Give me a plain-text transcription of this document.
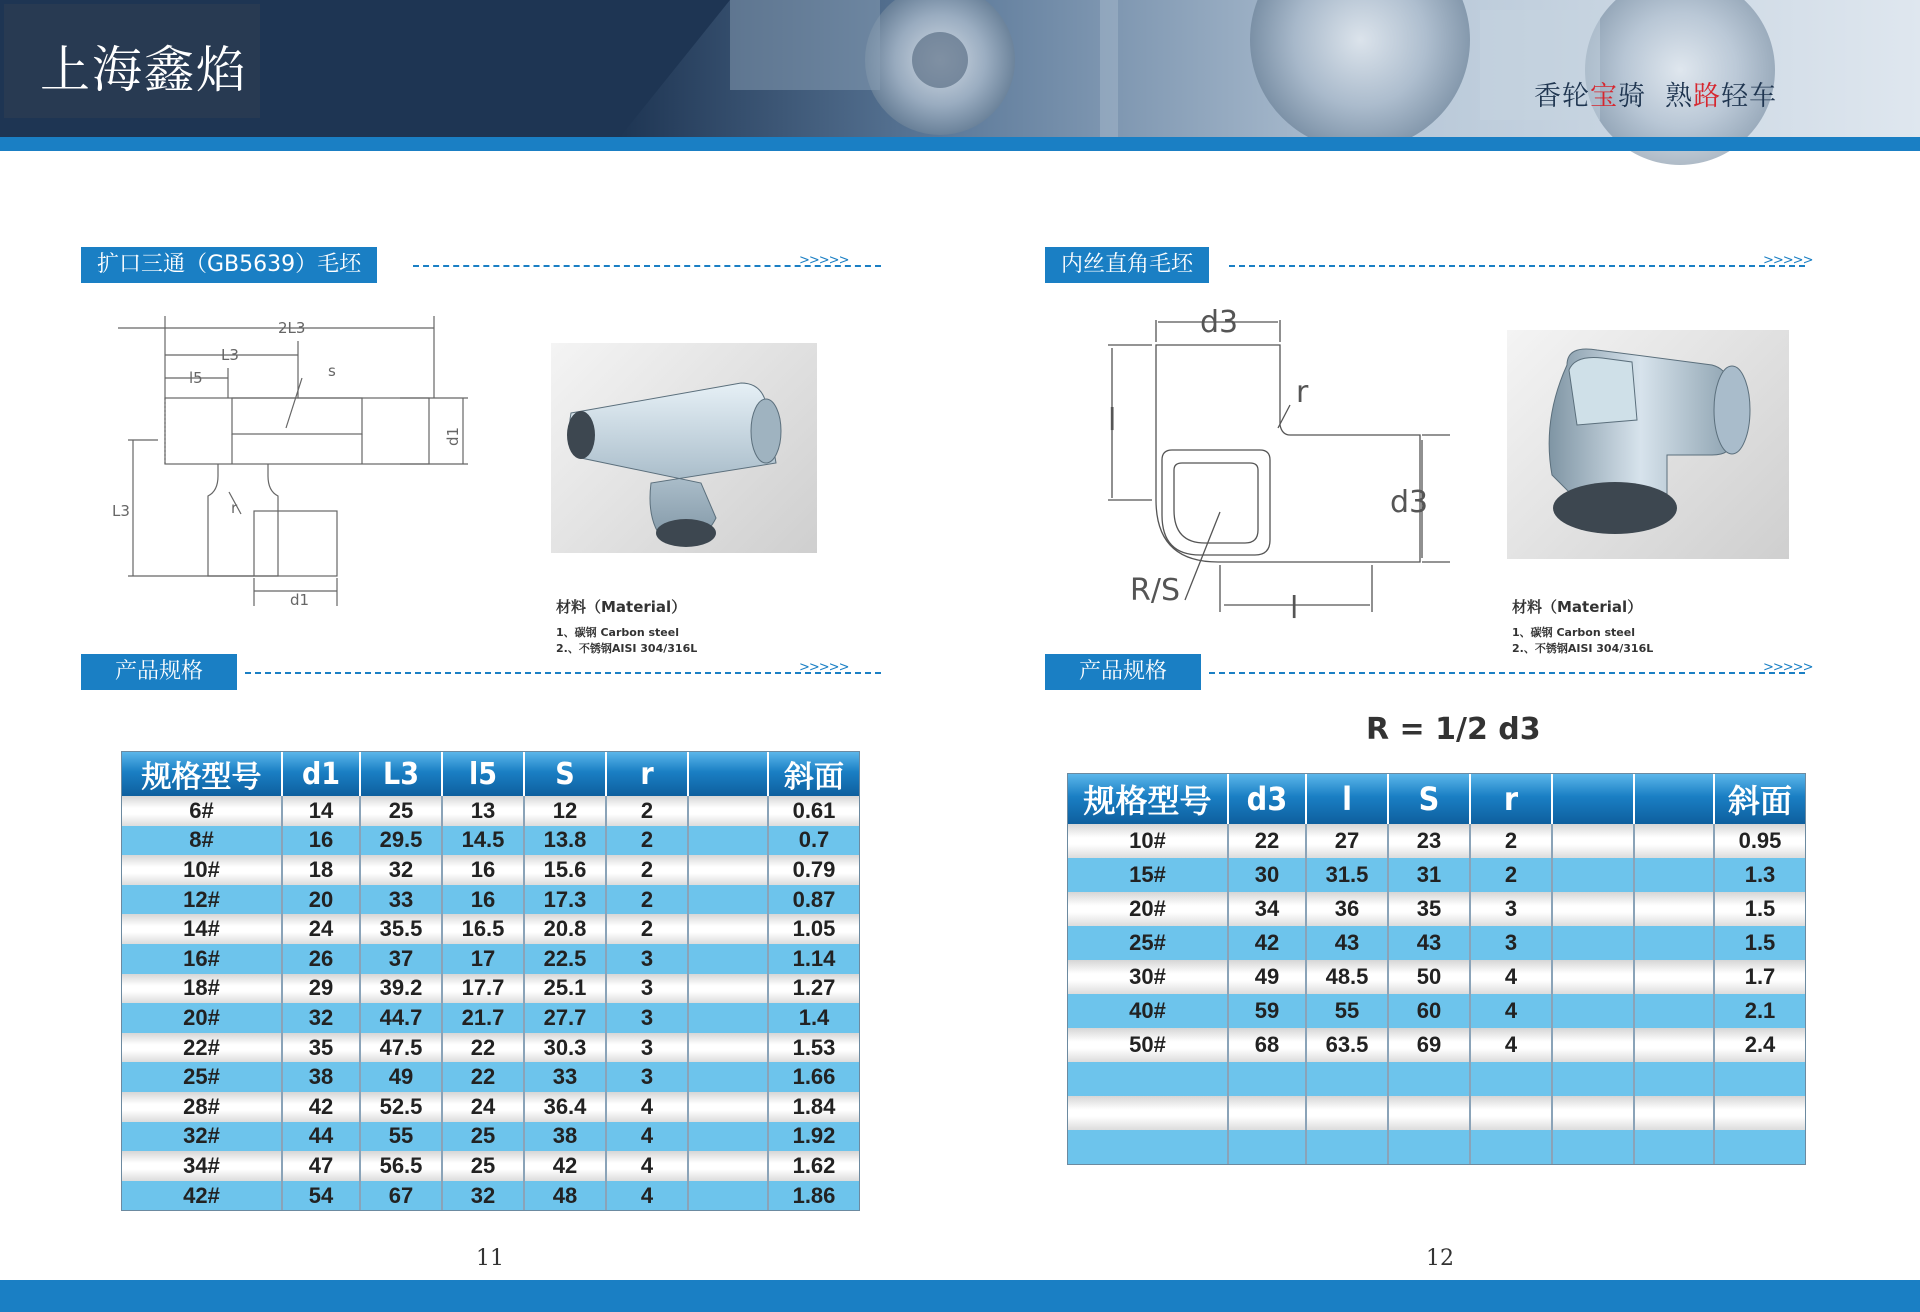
上海鑫焰	香轮宝骑  熟路轻车
扩口三通（GB5639）毛坯	>>>>>
2L3
L3
l5	s
d1
L3	r
d1	材料（Material）
1、碳钢 Carbon steel
2.、不锈钢AISI 304/316L
产品规格	>>>>>
规格型号	d1	L3	l5	S	r		斜面
6#	14	25	13	12	2		0.61
8#	16	29.5	14.5	13.8	2		0.7
10#	18	32	16	15.6	2		0.79
12#	20	33	16	17.3	2		0.87
14#	24	35.5	16.5	20.8	2		1.05
16#	26	37	17	22.5	3		1.14
18#	29	39.2	17.7	25.1	3		1.27
20#	32	44.7	21.7	27.7	3		1.4
22#	35	47.5	22	30.3	3		1.53
25#	38	49	22	33	3		1.66
28#	42	52.5	24	36.4	4		1.84
32#	44	55	25	38	4		1.92
34#	47	56.5	25	42	4		1.62
42#	54	67	32	48	4		1.86
11
内丝直角毛坯	>>>>>
d3
l
r
d3
R/S
l	材料（Material）
1、碳钢 Carbon steel
2.、不锈钢AISI 304/316L
产品规格	>>>>>
R = 1/2 d3
规格型号	d3	l	S	r			斜面
10#	22	27	23	2			0.95
15#	30	31.5	31	2			1.3
20#	34	36	35	3			1.5
25#	42	43	43	3			1.5
30#	49	48.5	50	4			1.7
40#	59	55	60	4			2.1
50#	68	63.5	69	4			2.4

12
